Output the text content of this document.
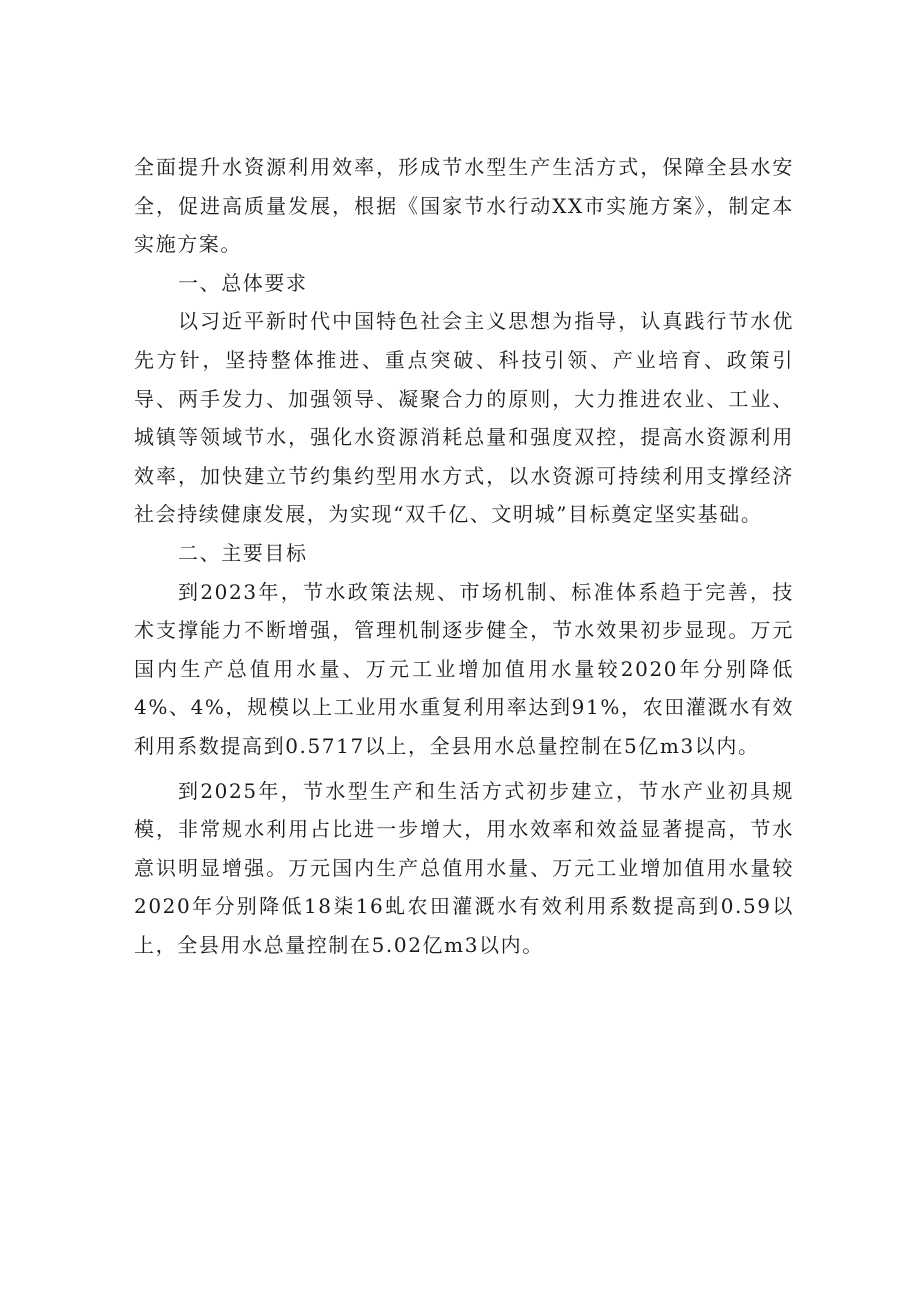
全面提升水资源利用效率，形成节水型生产生活方式，保障全县水安全，促进高质量发展，根据《国家节水行动XX市实施方案》，制定本实施方案。

一、总体要求

以习近平新时代中国特色社会主义思想为指导，认真践行节水优先方针，坚持整体推进、重点突破、科技引领、产业培育、政策引导、两手发力、加强领导、凝聚合力的原则，大力推进农业、工业、城镇等领域节水，强化水资源消耗总量和强度双控，提高水资源利用效率，加快建立节约集约型用水方式，以水资源可持续利用支撑经济社会持续健康发展，为实现“双千亿、文明城”目标奠定坚实基础。

二、主要目标

到2023年，节水政策法规、市场机制、标准体系趋于完善，技术支撑能力不断增强，管理机制逐步健全，节水效果初步显现。万元国内生产总值用水量、万元工业增加值用水量较2020年分别降低4%、4%，规模以上工业用水重复利用率达到91%，农田灌溉水有效利用系数提高到0.5717以上，全县用水总量控制在5亿m3以内。

到2025年，节水型生产和生活方式初步建立，节水产业初具规模，非常规水利用占比进一步增大，用水效率和效益显著提高，节水意识明显增强。万元国内生产总值用水量、万元工业增加值用水量较2020年分别降低18柒16虬农田灌溉水有效利用系数提高到0.59以上，全县用水总量控制在5.02亿m3以内。
